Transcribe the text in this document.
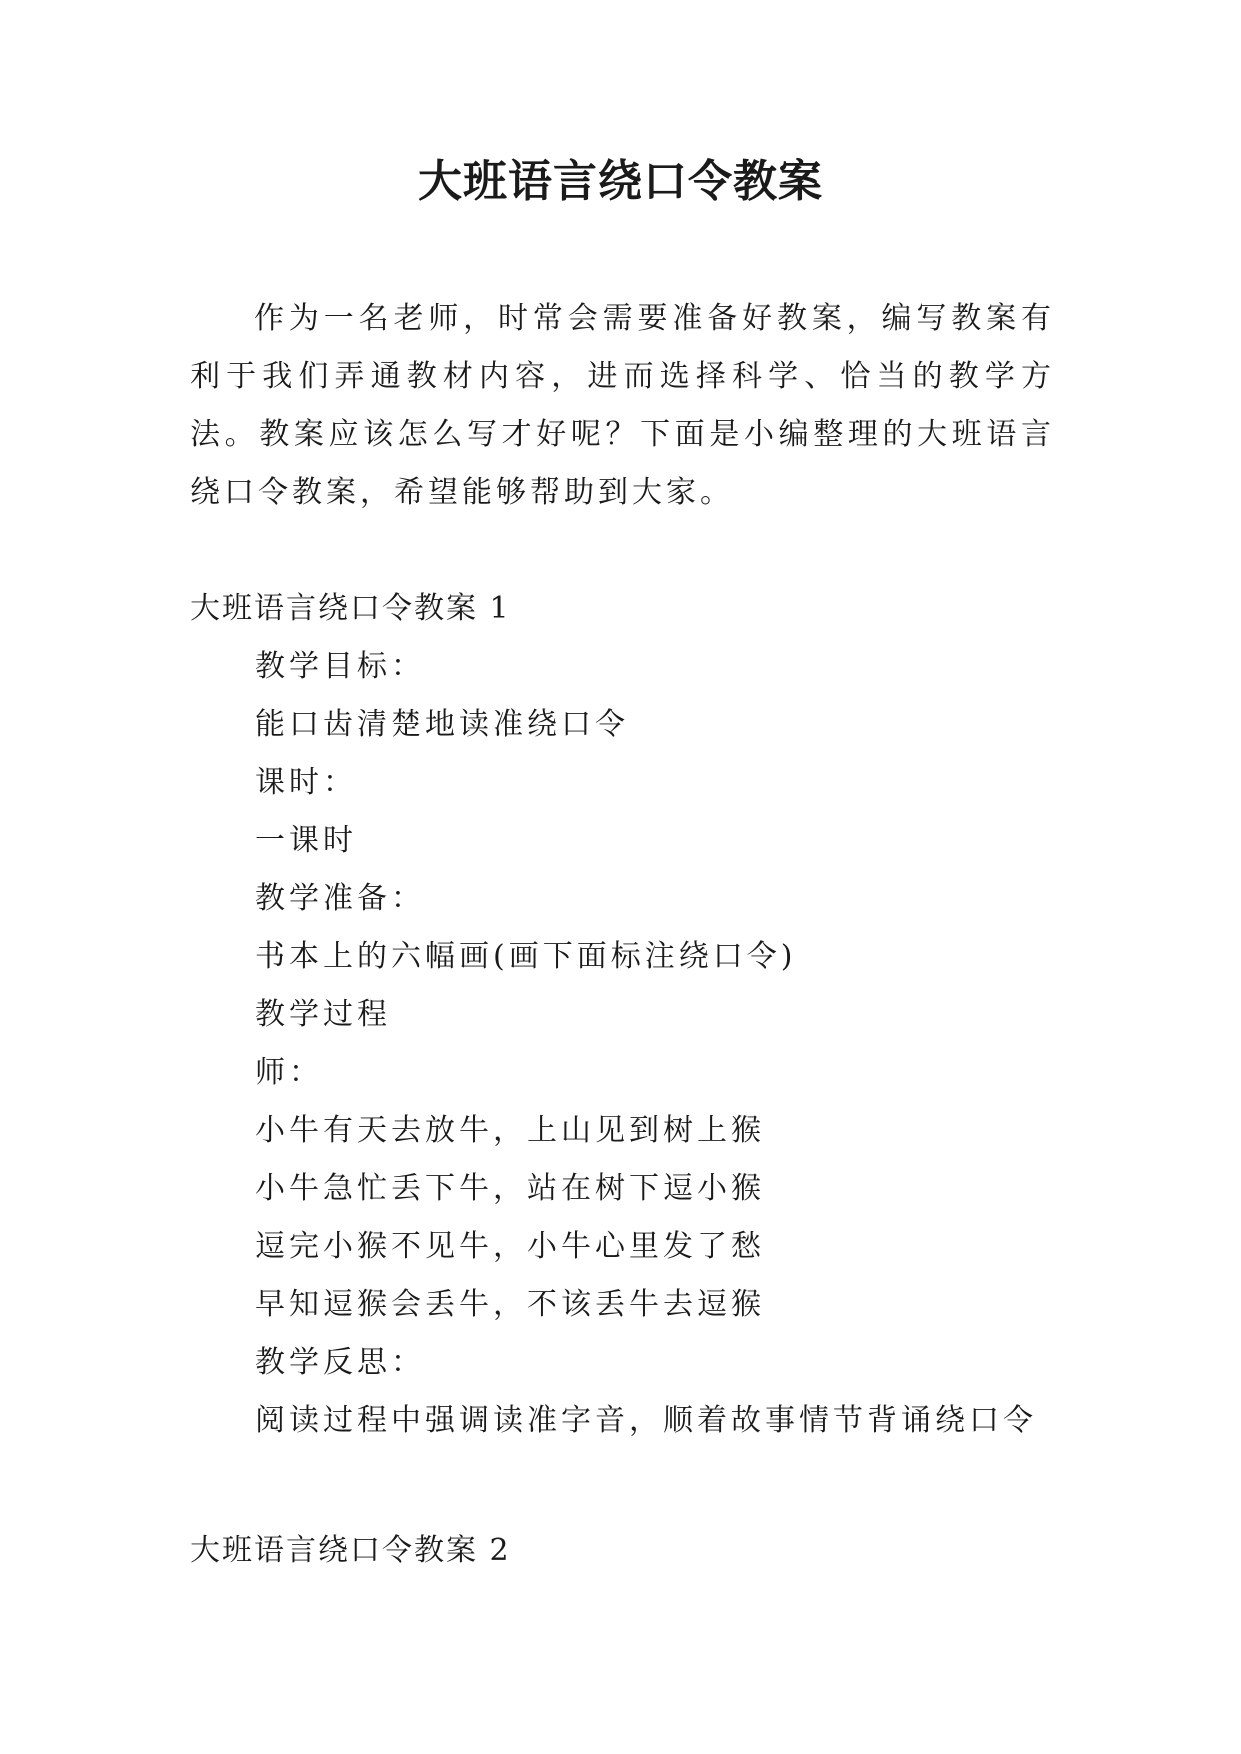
大班语言绕口令教案

作为一名老师，时常会需要准备好教案，编写教案有利于我们弄通教材内容，进而选择科学、恰当的教学方法。教案应该怎么写才好呢？下面是小编整理的大班语言绕口令教案，希望能够帮助到大家。

大班语言绕口令教案 1
教学目标：
能口齿清楚地读准绕口令
课时：
一课时
教学准备：
书本上的六幅画(画下面标注绕口令)
教学过程
师：
小牛有天去放牛，上山见到树上猴
小牛急忙丢下牛，站在树下逗小猴
逗完小猴不见牛，小牛心里发了愁
早知逗猴会丢牛，不该丢牛去逗猴
教学反思：
阅读过程中强调读准字音，顺着故事情节背诵绕口令
大班语言绕口令教案 2
